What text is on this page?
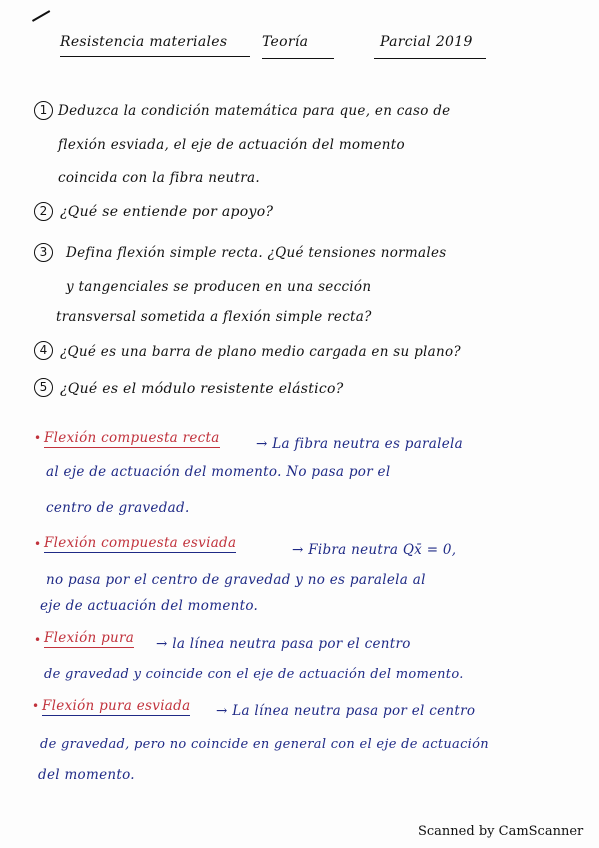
Resistencia materiales Teoría	Parcial 2019
1 Deduzca la condición matemática para que, en caso de
flexión esviada, el eje de actuación del momento
coincida con la fibra neutra.
2 ¿Qué se entiende por apoyo?
3	Defina flexión simple recta. ¿Qué tensiones normales
y tangenciales se producen en una sección
transversal sometida a flexión simple recta?
4 ¿Qué es una barra de plano medio cargada en su plano?
5 ¿Qué es el módulo resistente elástico?
• Flexión compuesta recta	→ La fibra neutra es paralela
al eje de actuación del momento. No pasa por el
centro de gravedad.
• Flexión compuesta esviada	→ Fibra neutra Qx̄ = 0,
no pasa por el centro de gravedad y no es paralela al
eje de actuación del momento.
• Flexión pura → la línea neutra pasa por el centro
de gravedad y coincide con el eje de actuación del momento.
• Flexión pura esviada → La línea neutra pasa por el centro
de gravedad, pero no coincide en general con el eje de actuación
del momento.
Scanned by CamScanner
